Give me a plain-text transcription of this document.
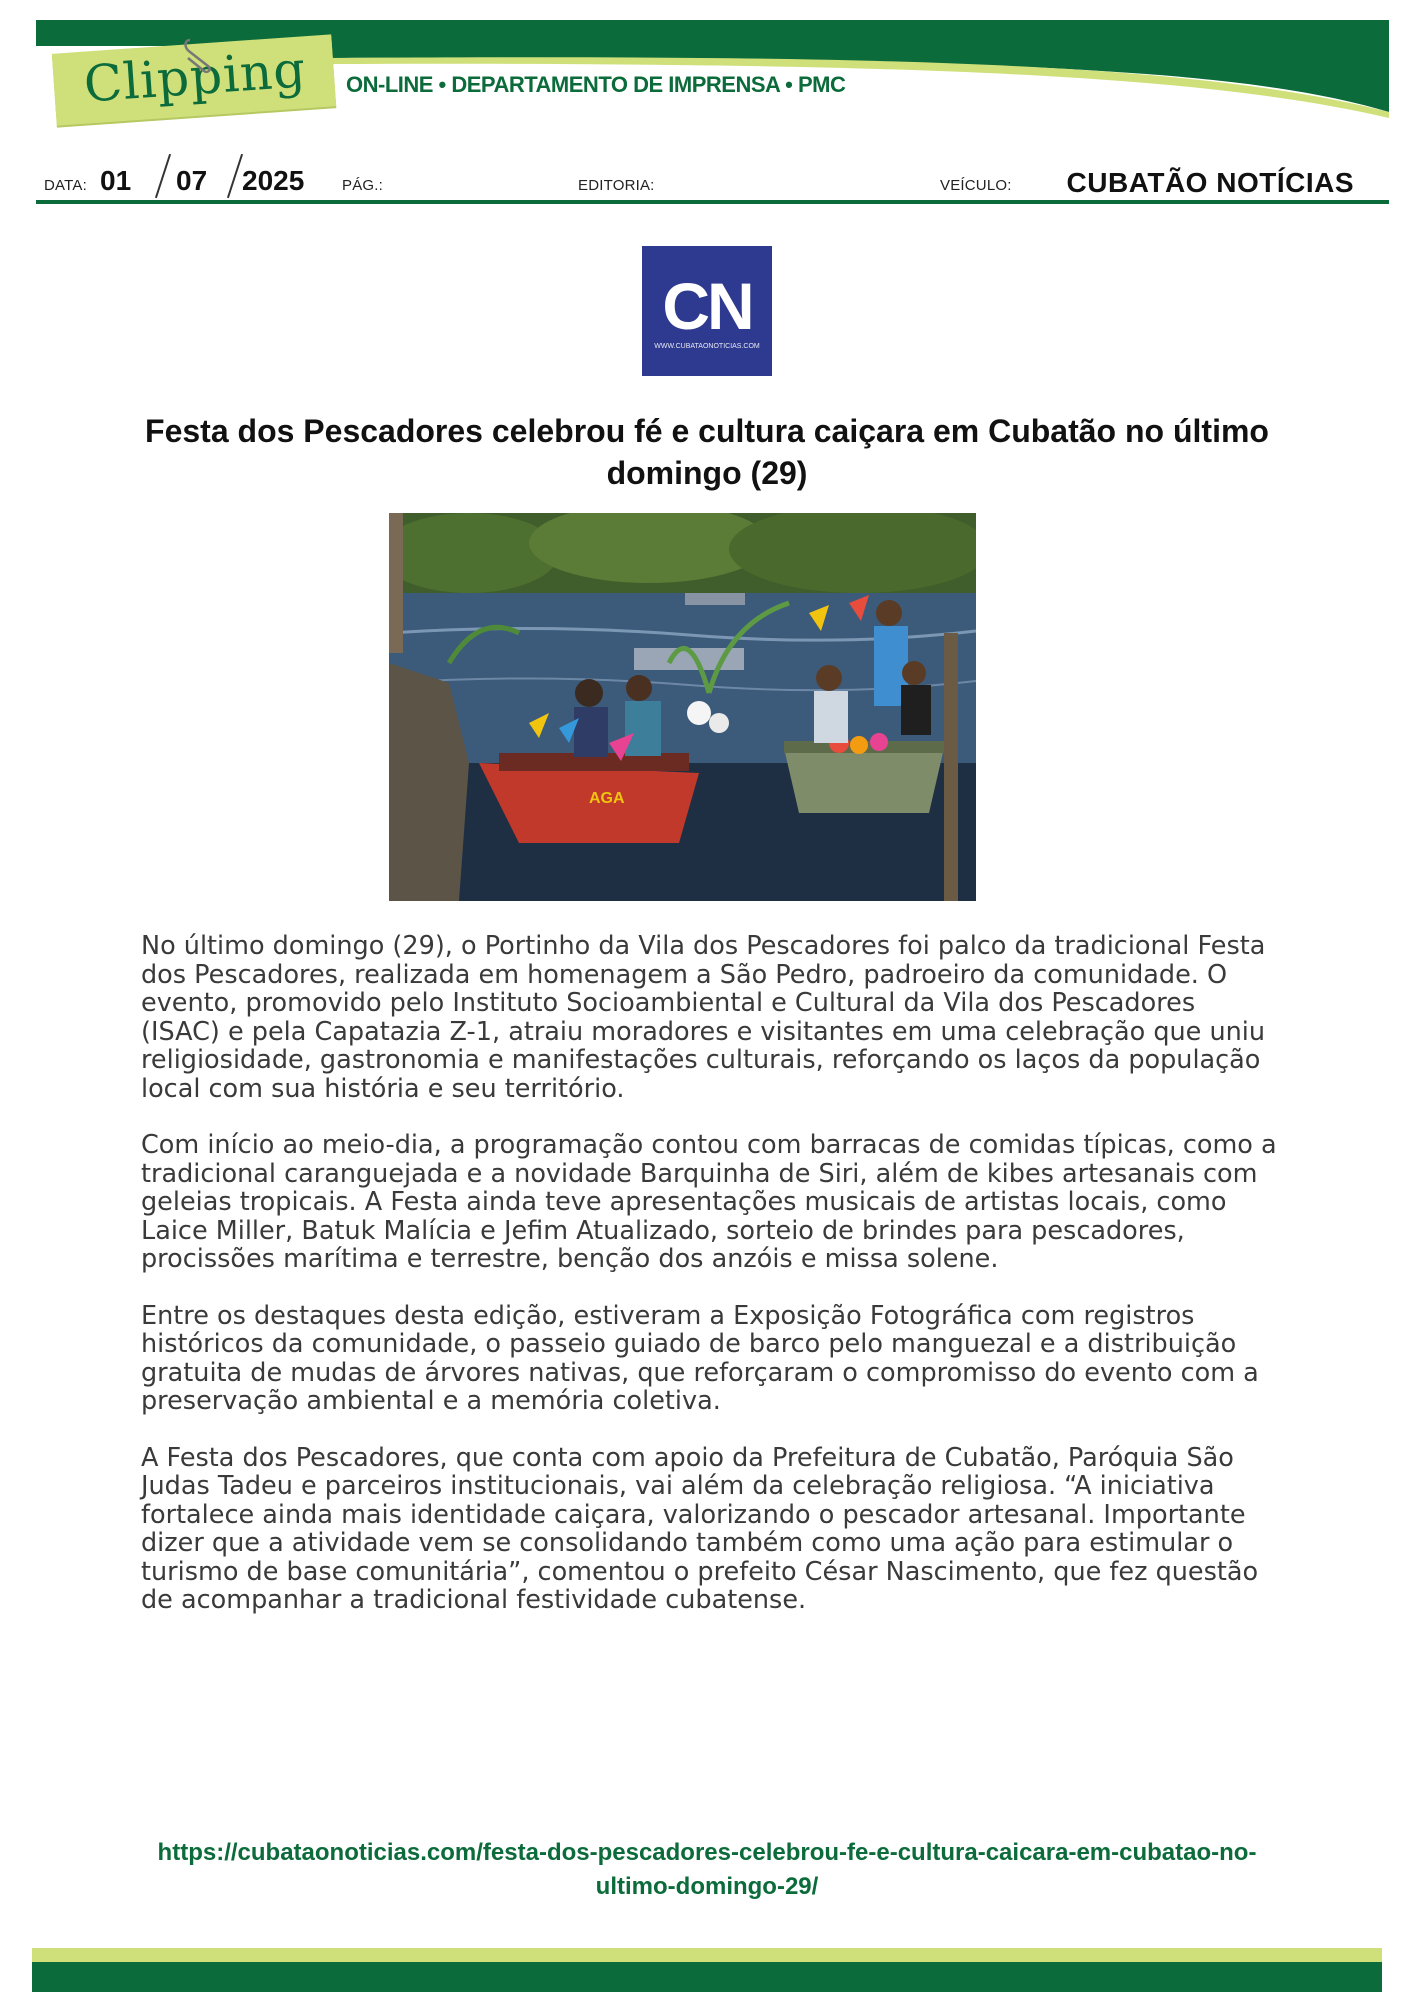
Clipping ON-LINE • DEPARTAMENTO DE IMPRENSA • PMC
DATA: 01 07 2025	PÁG.:	EDITORIA:	VEÍCULO: CUBATÃO NOTÍCIAS
CN
WWW.CUBATAONOTICIAS.COM
Festa dos Pescadores celebrou fé e cultura caiçara em Cubatão no último domingo (29)
AGA

No último domingo (29), o Portinho da Vila dos Pescadores foi palco da tradicional Festa dos Pescadores, realizada em homenagem a São Pedro, padroeiro da comunidade. O evento, promovido pelo Instituto Socioambiental e Cultural da Vila dos Pescadores (ISAC) e pela Capatazia Z-1, atraiu moradores e visitantes em uma celebração que uniu religiosidade, gastronomia e manifestações culturais, reforçando os laços da população local com sua história e seu território.

Com início ao meio-dia, a programação contou com barracas de comidas típicas, como a tradicional caranguejada e a novidade Barquinha de Siri, além de kibes artesanais com geleias tropicais. A Festa ainda teve apresentações musicais de artistas locais, como Laice Miller, Batuk Malícia e Jefim Atualizado, sorteio de brindes para pescadores, procissões marítima e terrestre, benção dos anzóis e missa solene.

Entre os destaques desta edição, estiveram a Exposição Fotográfica com registros históricos da comunidade, o passeio guiado de barco pelo manguezal e a distribuição gratuita de mudas de árvores nativas, que reforçaram o compromisso do evento com a preservação ambiental e a memória coletiva.

A Festa dos Pescadores, que conta com apoio da Prefeitura de Cubatão, Paróquia São Judas Tadeu e parceiros institucionais, vai além da celebração religiosa. “A iniciativa fortalece ainda mais identidade caiçara, valorizando o pescador artesanal. Importante dizer que a atividade vem se consolidando também como uma ação para estimular o turismo de base comunitária”, comentou o prefeito César Nascimento, que fez questão de acompanhar a tradicional festividade cubatense.

https://cubataonoticias.com/festa-dos-pescadores-celebrou-fe-e-cultura-caicara-em-cubatao-no-ultimo-domingo-29/
